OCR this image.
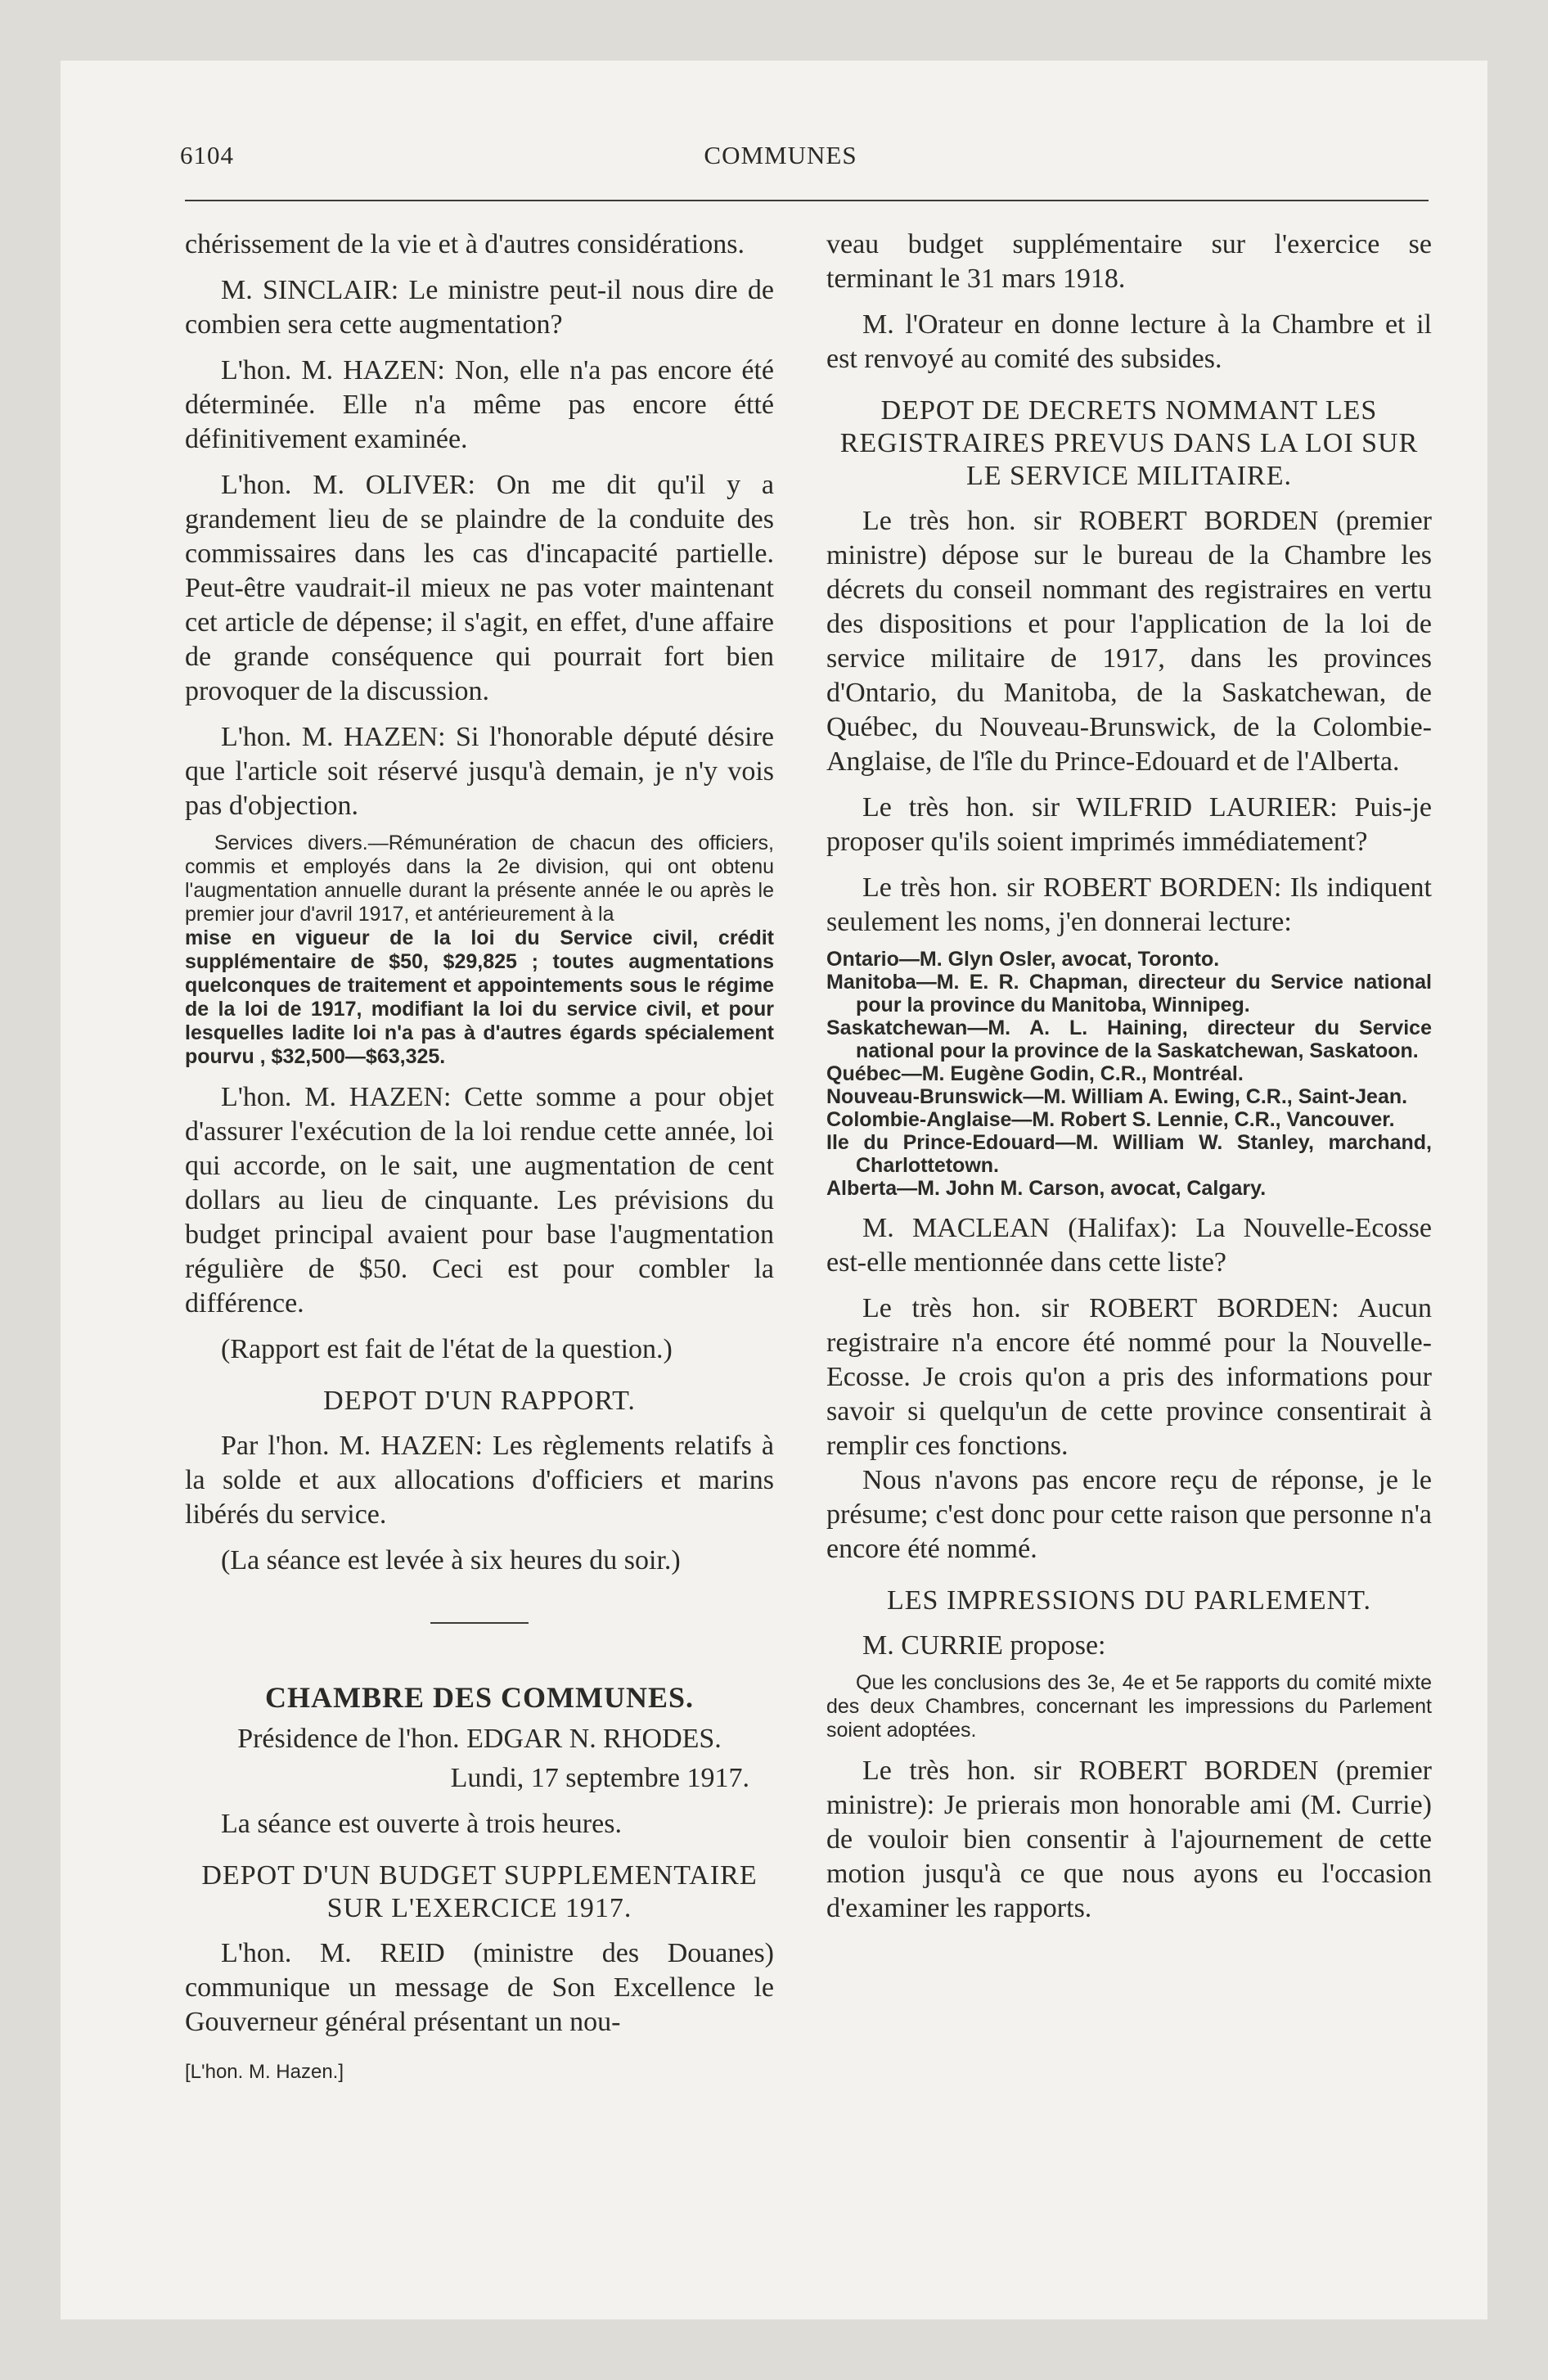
6104	COMMUNES

chérissement de la vie et à d'autres considérations.

M. SINCLAIR: Le ministre peut-il nous dire de combien sera cette augmentation?

L'hon. M. HAZEN: Non, elle n'a pas encore été déterminée. Elle n'a même pas encore étté définitivement examinée.

L'hon. M. OLIVER: On me dit qu'il y a grandement lieu de se plaindre de la conduite des commissaires dans les cas d'incapacité partielle. Peut-être vaudrait-il mieux ne pas voter maintenant cet article de dépense; il s'agit, en effet, d'une affaire de grande conséquence qui pourrait fort bien provoquer de la discussion.

L'hon. M. HAZEN: Si l'honorable député désire que l'article soit réservé jusqu'à demain, je n'y vois pas d'objection.

Services divers.—Rémunération de chacun des officiers, commis et employés dans la 2e division, qui ont obtenu l'augmentation annuelle durant la présente année le ou après le premier jour d'avril 1917, et antérieurement à la

mise en vigueur de la loi du Service civil, crédit supplémentaire de $50, $29,825 ; toutes augmentations quelconques de traitement et appointements sous le régime de la loi de 1917, modifiant la loi du service civil, et pour lesquelles ladite loi n'a pas à d'autres égards spécialement pourvu , $32,500—$63,325.

L'hon. M. HAZEN: Cette somme a pour objet d'assurer l'exécution de la loi rendue cette année, loi qui accorde, on le sait, une augmentation de cent dollars au lieu de cinquante. Les prévisions du budget principal avaient pour base l'augmentation régulière de $50. Ceci est pour combler la différence.

(Rapport est fait de l'état de la question.)

DEPOT D'UN RAPPORT.

Par l'hon. M. HAZEN: Les règlements relatifs à la solde et aux allocations d'officiers et marins libérés du service.

(La séance est levée à six heures du soir.)

CHAMBRE DES COMMUNES.

Présidence de l'hon. EDGAR N. RHODES.

Lundi, 17 septembre 1917.

La séance est ouverte à trois heures.

DEPOT D'UN BUDGET SUPPLEMENTAIRE SUR L'EXERCICE 1917.

L'hon. M. REID (ministre des Douanes) communique un message de Son Excellence le Gouverneur général présentant un nou-

[L'hon. M. Hazen.]

veau budget supplémentaire sur l'exercice se terminant le 31 mars 1918.

M. l'Orateur en donne lecture à la Chambre et il est renvoyé au comité des subsides.

DEPOT DE DECRETS NOMMANT LES REGISTRAIRES PREVUS DANS LA LOI SUR LE SERVICE MILITAIRE.

Le très hon. sir ROBERT BORDEN (premier ministre) dépose sur le bureau de la Chambre les décrets du conseil nommant des registraires en vertu des dispositions et pour l'application de la loi de service militaire de 1917, dans les provinces d'Ontario, du Manitoba, de la Saskatchewan, de Québec, du Nouveau-Brunswick, de la Colombie-Anglaise, de l'île du Prince-Edouard et de l'Alberta.

Le très hon. sir WILFRID LAURIER: Puis-je proposer qu'ils soient imprimés immédiatement?

Le très hon. sir ROBERT BORDEN: Ils indiquent seulement les noms, j'en donnerai lecture:

Ontario—M. Glyn Osler, avocat, Toronto.

Manitoba—M. E. R. Chapman, directeur du Service national pour la province du Manitoba, Winnipeg.

Saskatchewan—M. A. L. Haining, directeur du Service national pour la province de la Saskatchewan, Saskatoon.

Québec—M. Eugène Godin, C.R., Montréal.

Nouveau-Brunswick—M. William A. Ewing, C.R., Saint-Jean.

Colombie-Anglaise—M. Robert S. Lennie, C.R., Vancouver.

Ile du Prince-Edouard—M. William W. Stanley, marchand, Charlottetown.

Alberta—M. John M. Carson, avocat, Calgary.

M. MACLEAN (Halifax): La Nouvelle-Ecosse est-elle mentionnée dans cette liste?

Le très hon. sir ROBERT BORDEN: Aucun registraire n'a encore été nommé pour la Nouvelle-Ecosse. Je crois qu'on a pris des informations pour savoir si quelqu'un de cette province consentirait à remplir ces fonctions.

Nous n'avons pas encore reçu de réponse, je le présume; c'est donc pour cette raison que personne n'a encore été nommé.

LES IMPRESSIONS DU PARLEMENT.

M. CURRIE propose:

Que les conclusions des 3e, 4e et 5e rapports du comité mixte des deux Chambres, concernant les impressions du Parlement soient adoptées.

Le très hon. sir ROBERT BORDEN (premier ministre): Je prierais mon honorable ami (M. Currie) de vouloir bien consentir à l'ajournement de cette motion jusqu'à ce que nous ayons eu l'occasion d'examiner les rapports.
